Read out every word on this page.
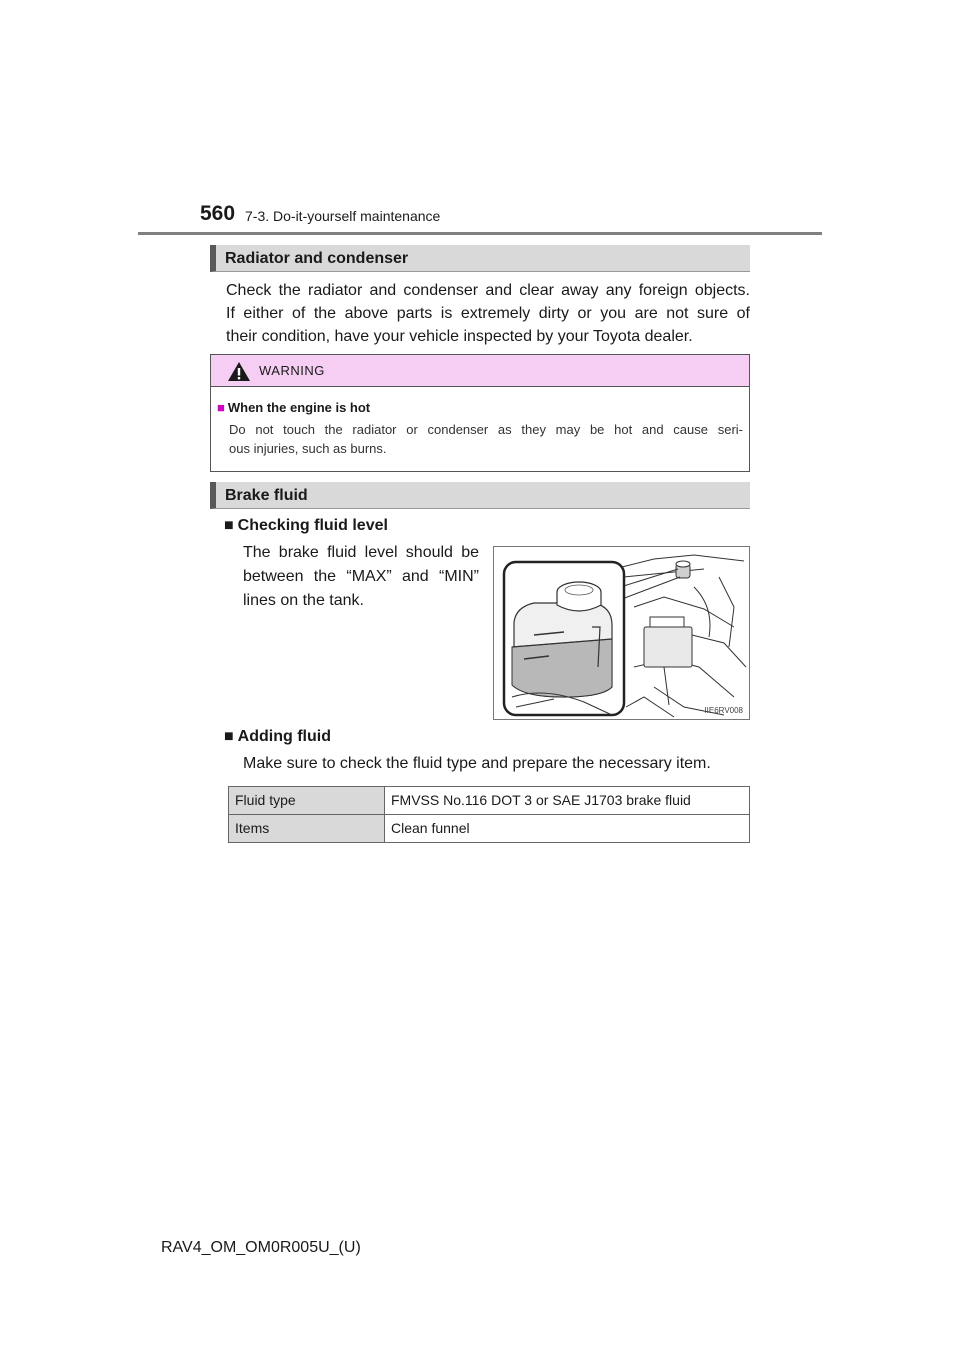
560 7-3. Do-it-yourself maintenance
Radiator and condenser

Check the radiator and condenser and clear away any foreign objects.

If either of the above parts is extremely dirty or you are not sure of

their condition, have your vehicle inspected by your Toyota dealer.

WARNING
■ When the engine is hot

Do not touch the radiator or condenser as they may be hot and cause seri-

ous injuries, such as burns.

Brake fluid
■ Checking fluid level

The brake fluid level should be

between the “MAX” and “MIN”

lines on the tank.

IIE6RV008
■ Adding fluid

Make sure to check the fluid type and prepare the necessary item.

Fluid type	FMVSS No.116 DOT 3 or SAE J1703 brake fluid
Items	Clean funnel
RAV4_OM_OM0R005U_(U)
